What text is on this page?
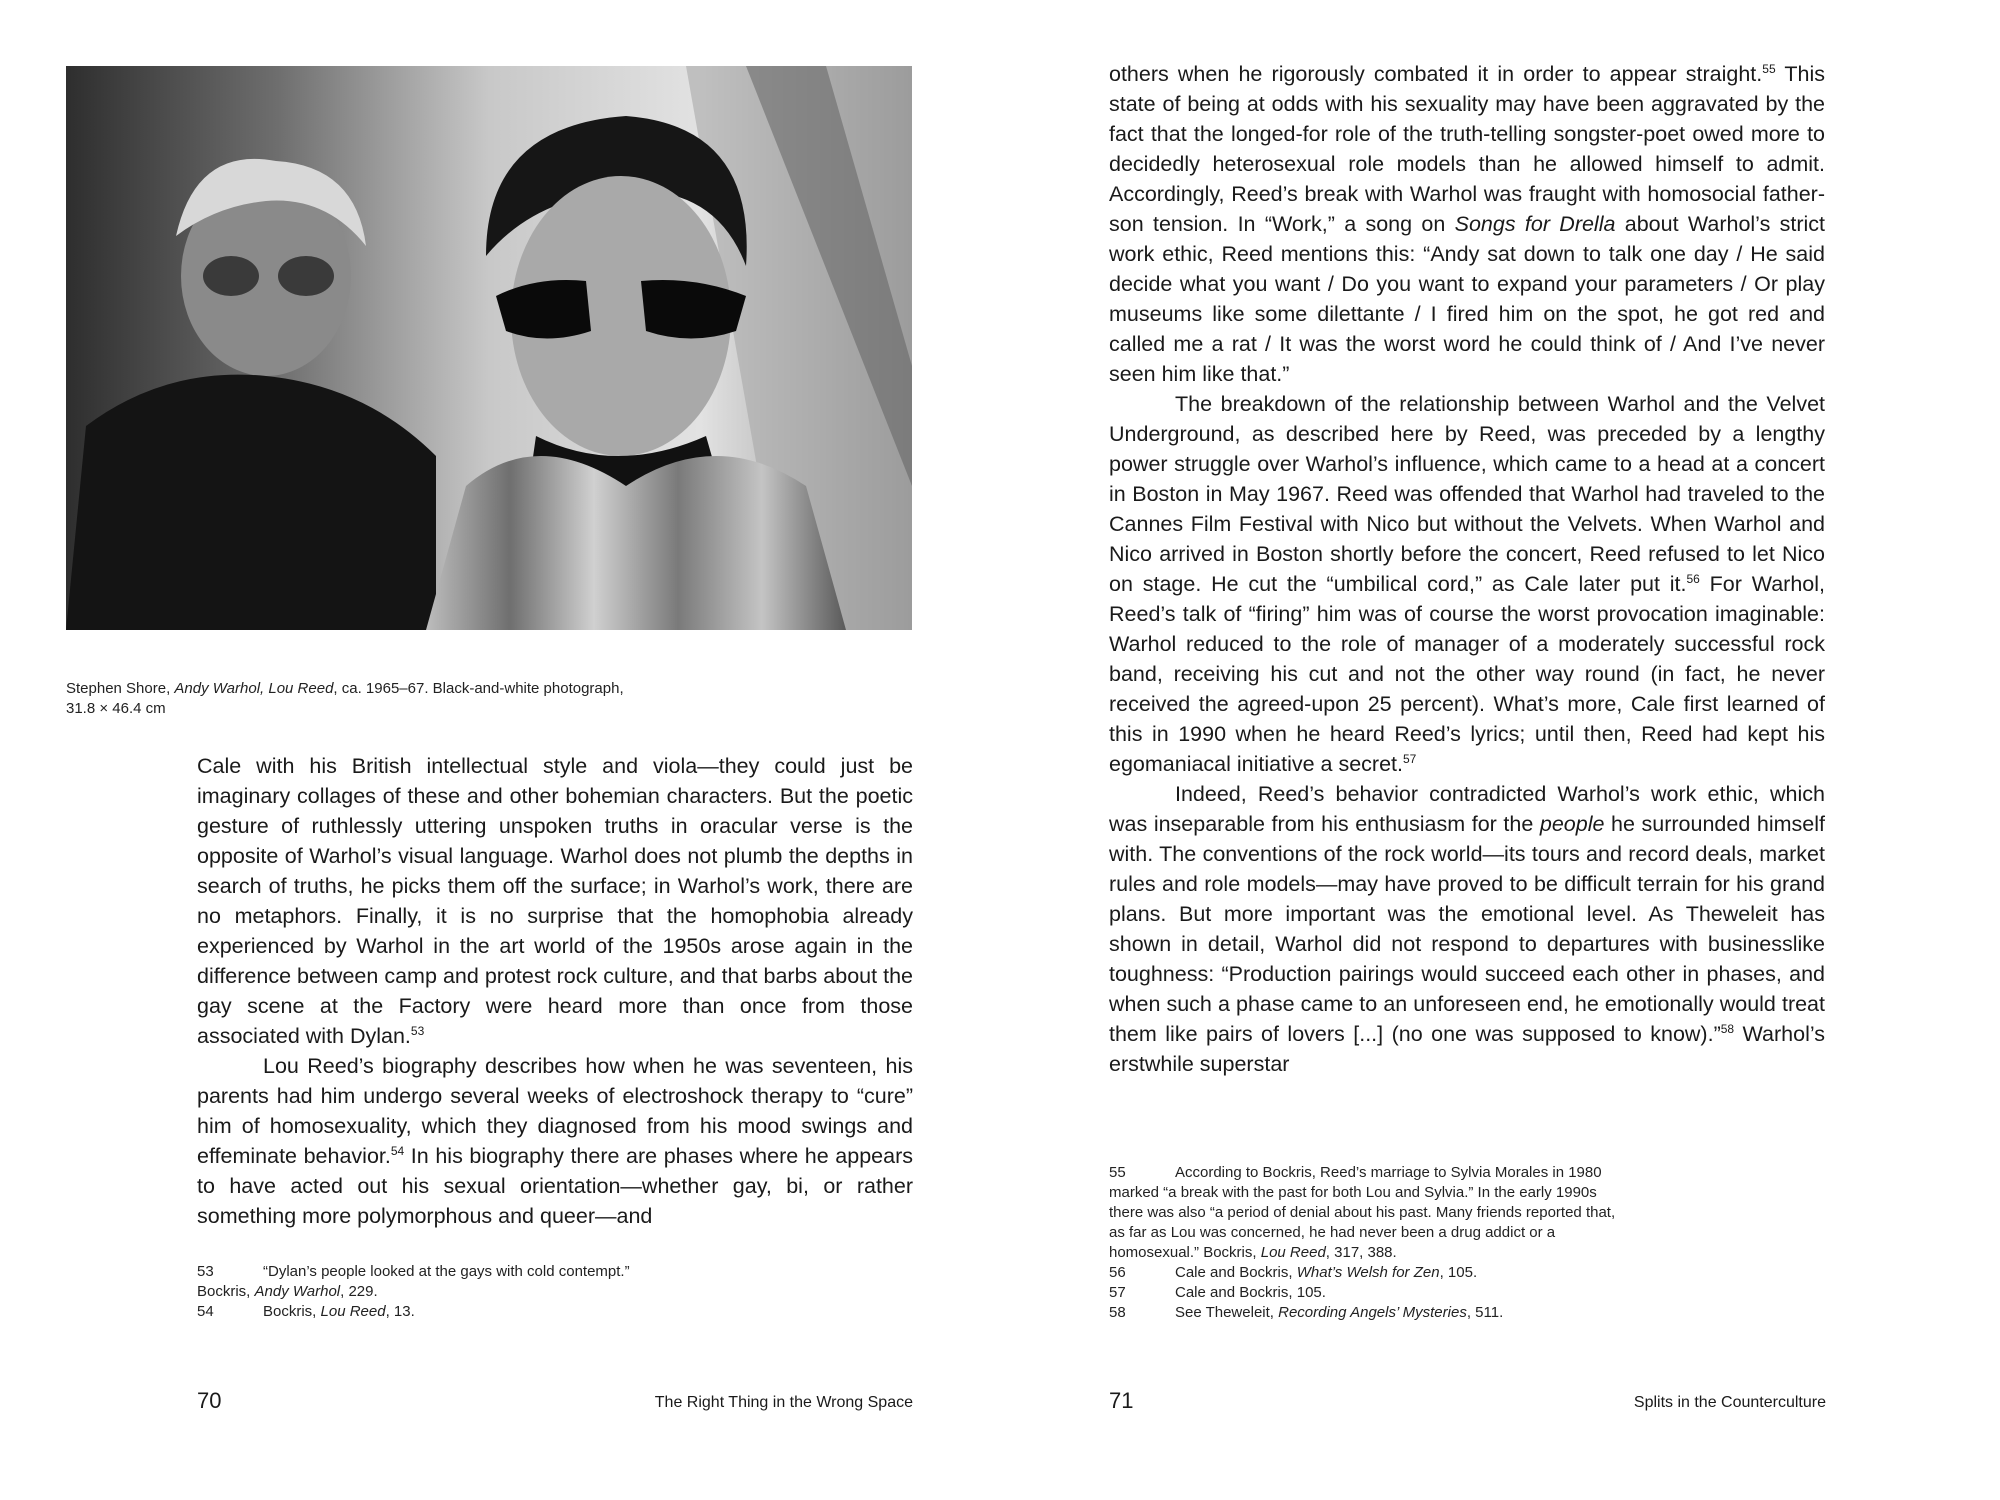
Stephen Shore, Andy Warhol, Lou Reed, ca. 1965–67. Black-and-white photograph, 31.8 × 46.4 cm

Cale with his British intellectual style and viola—they could just be imaginary collages of these and other bohemian characters. But the poetic gesture of ruthlessly uttering unspoken truths in oracular verse is the opposite of Warhol’s visual language. Warhol does not plumb the depths in search of truths, he picks them off the surface; in Warhol’s work, there are no metaphors. Finally, it is no surprise that the homophobia already experienced by Warhol in the art world of the 1950s arose again in the difference between camp and protest rock culture, and that barbs about the gay scene at the Factory were heard more than once from those associated with Dylan.$^{53}$

Lou Reed’s biography describes how when he was seventeen, his parents had him undergo several weeks of electroshock therapy to “cure” him of homosexuality, which they diagnosed from his mood swings and effeminate behavior.$^{54}$ In his biography there are phases where he appears to have acted out his sexual orientation—whether gay, bi, or rather something more polymorphous and queer—and

53	“Dylan’s people looked at the gays with cold contempt.”
Bockris, Andy Warhol, 229.
54	Bockris, Lou Reed, 13.
70	The Right Thing in the Wrong Space

others when he rigorously combated it in order to appear straight.$^{55}$ This state of being at odds with his sexuality may have been aggravated by the fact that the longed-for role of the truth-telling songster-poet owed more to decidedly heterosexual role models than he allowed himself to admit. Accordingly, Reed’s break with Warhol was fraught with homosocial father-son tension. In “Work,” a song on Songs for Drella about Warhol’s strict work ethic, Reed mentions this: “Andy sat down to talk one day / He said decide what you want / Do you want to expand your parameters / Or play museums like some dilettante / I fired him on the spot, he got red and called me a rat / It was the worst word he could think of / And I’ve never seen him like that.”

The breakdown of the relationship between Warhol and the Velvet Underground, as described here by Reed, was preceded by a lengthy power struggle over Warhol’s influence, which came to a head at a concert in Boston in May 1967. Reed was offended that Warhol had traveled to the Cannes Film Festival with Nico but without the Velvets. When Warhol and Nico arrived in Boston shortly before the concert, Reed refused to let Nico on stage. He cut the “umbilical cord,” as Cale later put it.$^{56}$ For Warhol, Reed’s talk of “firing” him was of course the worst provocation imaginable: Warhol reduced to the role of manager of a moderately successful rock band, receiving his cut and not the other way round (in fact, he never received the agreed-upon 25 percent). What’s more, Cale first learned of this in 1990 when he heard Reed’s lyrics; until then, Reed had kept his egomaniacal initiative a secret.$^{57}$

Indeed, Reed’s behavior contradicted Warhol’s work ethic, which was inseparable from his enthusiasm for the people he surrounded himself with. The conventions of the rock world—its tours and record deals, market rules and role models—may have proved to be difficult terrain for his grand plans. But more important was the emotional level. As Theweleit has shown in detail, Warhol did not respond to departures with businesslike toughness: “Production pairings would succeed each other in phases, and when such a phase came to an unforeseen end, he emotionally would treat them like pairs of lovers [...] (no one was supposed to know).”$^{58}$ Warhol’s erstwhile superstar

55	According to Bockris, Reed’s marriage to Sylvia Morales in 1980 marked “a break with the past for both Lou and Sylvia.” In the early 1990s there was also “a period of denial about his past. Many friends reported that, as far as Lou was concerned, he had never been a drug addict or a homosexual.” Bockris, Lou Reed, 317, 388.
56	Cale and Bockris, What’s Welsh for Zen, 105.
57	Cale and Bockris, 105.
58	See Theweleit, Recording Angels’ Mysteries, 511.
71	Splits in the Counterculture
